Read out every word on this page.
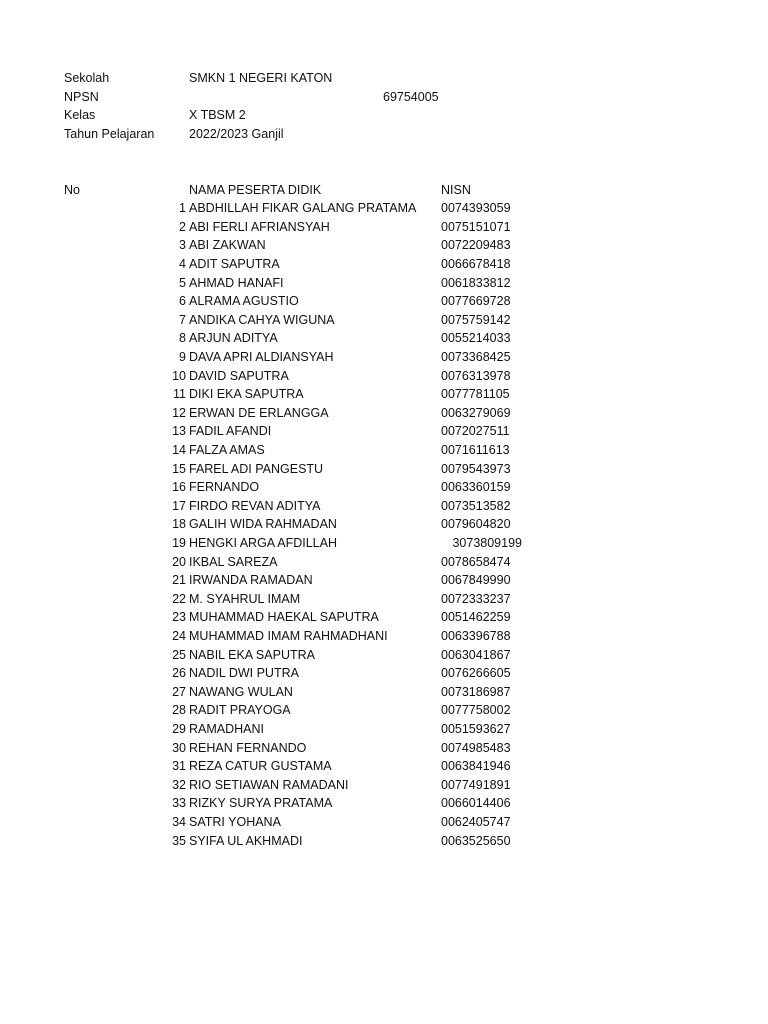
Sekolah	SMKN 1 NEGERI KATON
NPSN	69754005
Kelas	X TBSM 2
Tahun Pelajaran	2022/2023 Ganjil
No	NAMA PESERTA DIDIK	NISN
1 ABDHILLAH FIKAR GALANG PRATAMA 0074393059
2 ABI FERLI AFRIANSYAH	0075151071
3 ABI ZAKWAN	0072209483
4 ADIT SAPUTRA	0066678418
5 AHMAD HANAFI	0061833812
6 ALRAMA AGUSTIO	0077669728
7 ANDIKA CAHYA WIGUNA	0075759142
8 ARJUN ADITYA	0055214033
9 DAVA APRI ALDIANSYAH	0073368425
10 DAVID SAPUTRA	0076313978
11 DIKI EKA SAPUTRA	0077781105
12 ERWAN DE ERLANGGA	0063279069
13 FADIL AFANDI	0072027511
14 FALZA AMAS	0071611613
15 FAREL ADI PANGESTU	0079543973
16 FERNANDO	0063360159
17 FIRDO REVAN ADITYA	0073513582
18 GALIH WIDA RAHMADAN	0079604820
19 HENGKI ARGA AFDILLAH	3073809199
20 IKBAL SAREZA	0078658474
21 IRWANDA RAMADAN	0067849990
22 M. SYAHRUL IMAM	0072333237
23 MUHAMMAD HAEKAL SAPUTRA	0051462259
24 MUHAMMAD IMAM RAHMADHANI	0063396788
25 NABIL EKA SAPUTRA	0063041867
26 NADIL DWI PUTRA	0076266605
27 NAWANG WULAN	0073186987
28 RADIT PRAYOGA	0077758002
29 RAMADHANI	0051593627
30 REHAN FERNANDO	0074985483
31 REZA CATUR GUSTAMA	0063841946
32 RIO SETIAWAN RAMADANI	0077491891
33 RIZKY SURYA PRATAMA	0066014406
34 SATRI YOHANA	0062405747
35 SYIFA UL AKHMADI	0063525650
